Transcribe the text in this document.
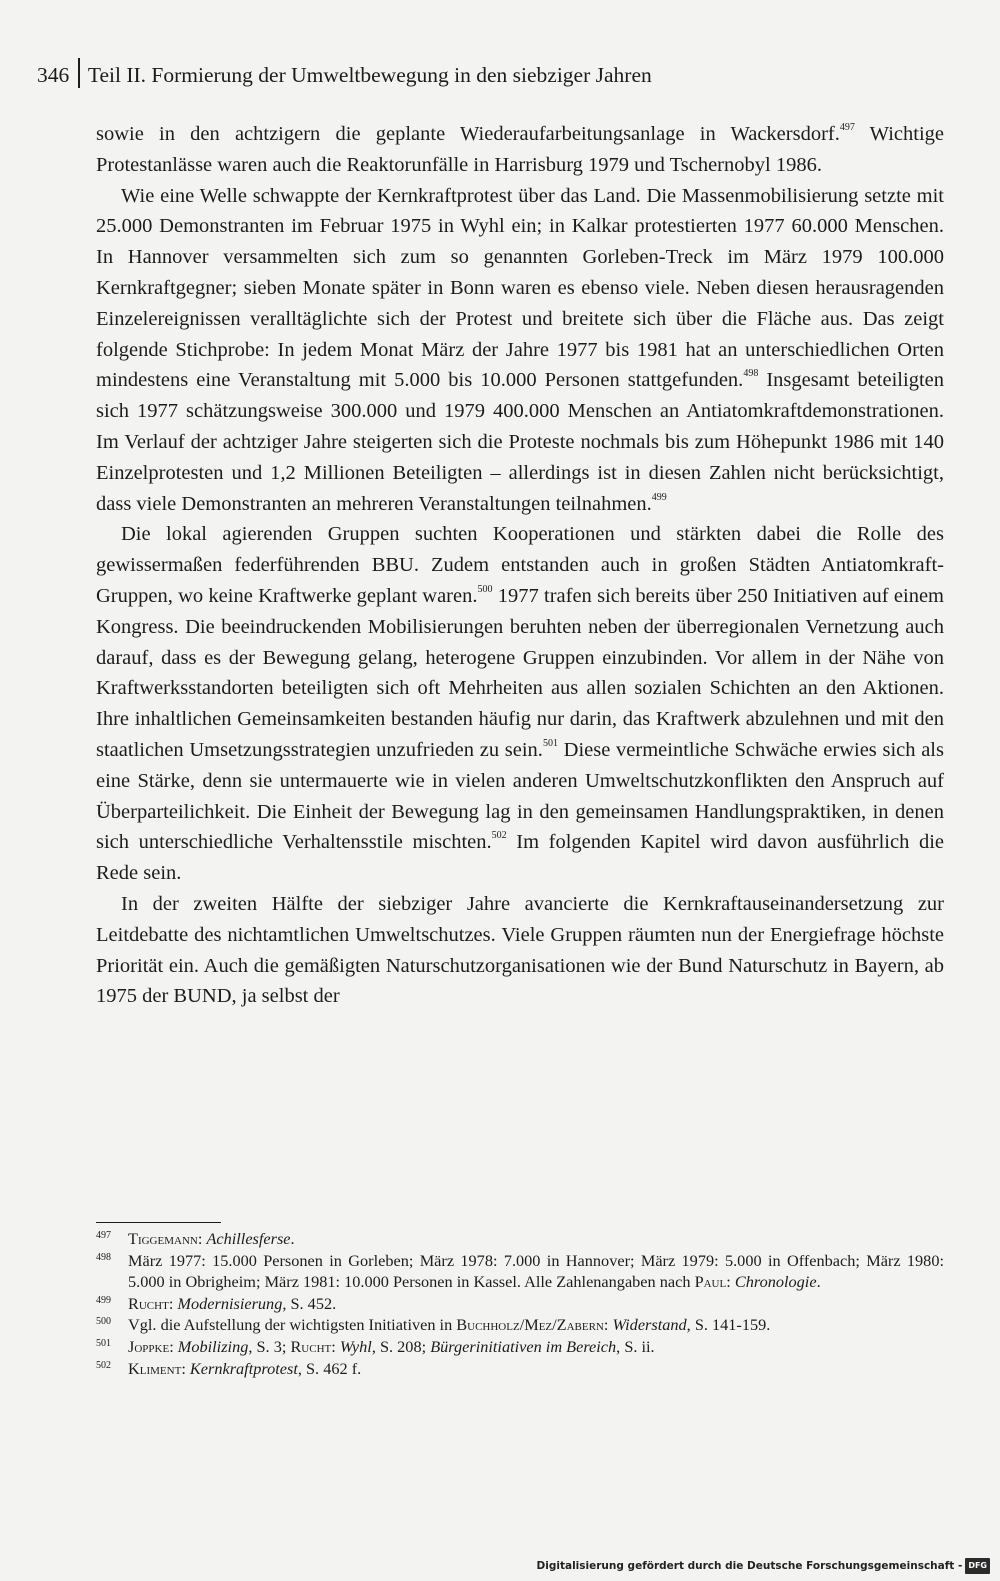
346 Teil II. Formierung der Umweltbewegung in den siebziger Jahren

sowie in den achtzigern die geplante Wiederaufarbeitungsanlage in Wackersdorf.$^{497}$ Wichtige Protestanlässe waren auch die Reaktorunfälle in Harrisburg 1979 und Tschernobyl 1986.

Wie eine Welle schwappte der Kernkraftprotest über das Land. Die Massenmobilisierung setzte mit 25.000 Demonstranten im Februar 1975 in Wyhl ein; in Kalkar protestierten 1977 60.000 Menschen. In Hannover versammelten sich zum so genannten Gorleben-Treck im März 1979 100.000 Kernkraftgegner; sieben Monate später in Bonn waren es ebenso viele. Neben diesen herausragenden Einzelereignissen veralltäglichte sich der Protest und breitete sich über die Fläche aus. Das zeigt folgende Stichprobe: In jedem Monat März der Jahre 1977 bis 1981 hat an unterschiedlichen Orten mindestens eine Veranstaltung mit 5.000 bis 10.000 Personen stattgefunden.$^{498}$ Insgesamt beteiligten sich 1977 schätzungsweise 300.000 und 1979 400.000 Menschen an Antiatomkraftdemonstrationen. Im Verlauf der achtziger Jahre steigerten sich die Proteste nochmals bis zum Höhepunkt 1986 mit 140 Einzelprotesten und 1,2 Millionen Beteiligten – allerdings ist in diesen Zahlen nicht berücksichtigt, dass viele Demonstranten an mehreren Veranstaltungen teilnahmen.$^{499}$

Die lokal agierenden Gruppen suchten Kooperationen und stärkten dabei die Rolle des gewissermaßen federführenden BBU. Zudem entstanden auch in großen Städten Antiatomkraft-Gruppen, wo keine Kraftwerke geplant waren.$^{500}$ 1977 trafen sich bereits über 250 Initiativen auf einem Kongress. Die beeindruckenden Mobilisierungen beruhten neben der überregionalen Vernetzung auch darauf, dass es der Bewegung gelang, heterogene Gruppen einzubinden. Vor allem in der Nähe von Kraftwerksstandorten beteiligten sich oft Mehrheiten aus allen sozialen Schichten an den Aktionen. Ihre inhaltlichen Gemeinsamkeiten bestanden häufig nur darin, das Kraftwerk abzulehnen und mit den staatlichen Umsetzungsstrategien unzufrieden zu sein.$^{501}$ Diese vermeintliche Schwäche erwies sich als eine Stärke, denn sie untermauerte wie in vielen anderen Umweltschutzkonflikten den Anspruch auf Überparteilichkeit. Die Einheit der Bewegung lag in den gemeinsamen Handlungspraktiken, in denen sich unterschiedliche Verhaltensstile mischten.$^{502}$ Im folgenden Kapitel wird davon ausführlich die Rede sein.

In der zweiten Hälfte der siebziger Jahre avancierte die Kernkraftauseinandersetzung zur Leitdebatte des nichtamtlichen Umweltschutzes. Viele Gruppen räumten nun der Energiefrage höchste Priorität ein. Auch die gemäßigten Naturschutzorganisationen wie der Bund Naturschutz in Bayern, ab 1975 der BUND, ja selbst der

497 Tiggemann: Achillesferse.
498 März 1977: 15.000 Personen in Gorleben; März 1978: 7.000 in Hannover; März 1979: 5.000 in Offenbach; März 1980: 5.000 in Obrigheim; März 1981: 10.000 Personen in Kassel. Alle Zahlenangaben nach Paul: Chronologie.
499 Rucht: Modernisierung, S. 452.
500 Vgl. die Aufstellung der wichtigsten Initiativen in Buchholz/Mez/Zabern: Widerstand, S. 141-159.
501 Joppke: Mobilizing, S. 3; Rucht: Wyhl, S. 208; Bürgerinitiativen im Bereich, S. ii.
502 Kliment: Kernkraftprotest, S. 462 f.
Digitalisierung gefördert durch die Deutsche Forschungsgemeinschaft - DFG
